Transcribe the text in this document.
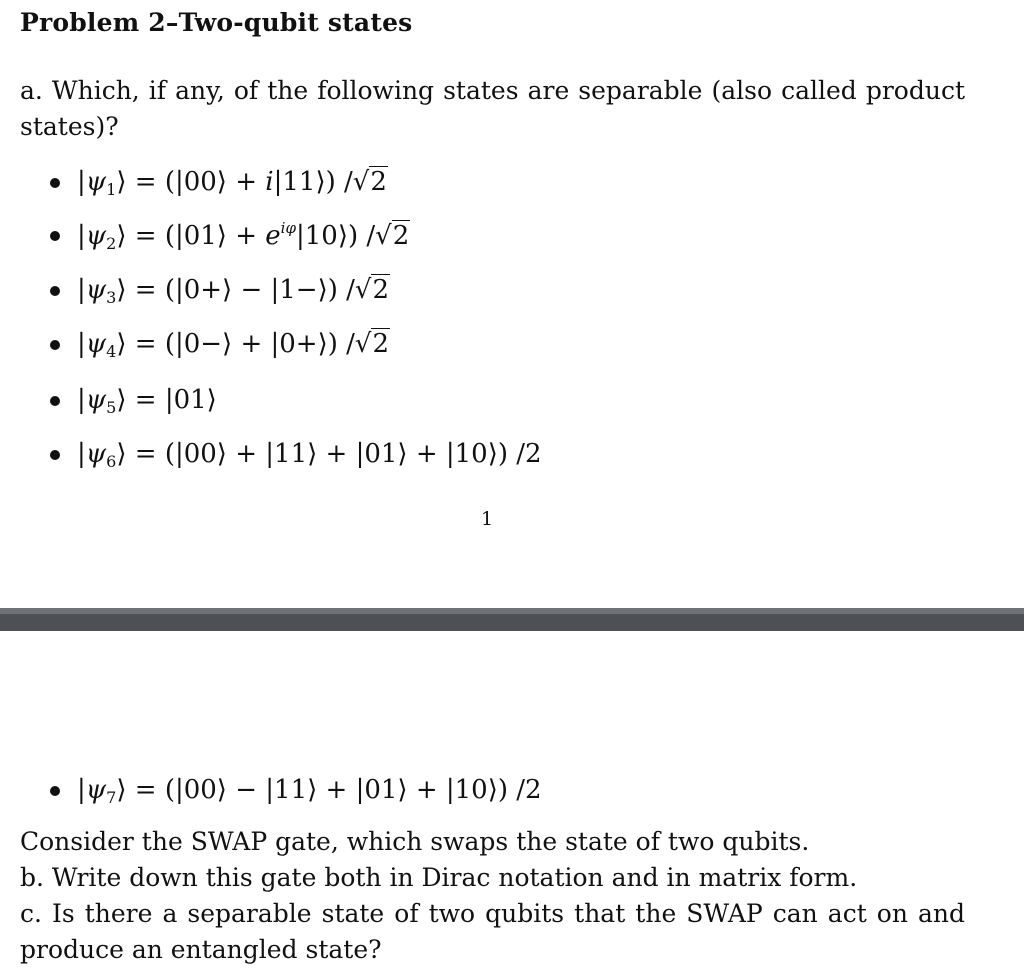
Problem 2–Two-qubit states
a. Which, if any, of the following states are separable (also called product states)?
$|\psi_1⟩$ = (|00⟩ + i|11⟩) /√2
$|\psi_2⟩$ = (|01⟩ + $e^{i\varphi}|10⟩$) /√2
$|\psi_3⟩$ = (|0+⟩ − |1−⟩) /√2
$|\psi_4⟩$ = (|0−⟩ + |0+⟩) /√2
$|\psi_5⟩$ = |01⟩
$|\psi_6⟩$ = (|00⟩ + |11⟩ + |01⟩ + |10⟩) /2
1
$|\psi_7⟩$ = (|00⟩ − |11⟩ + |01⟩ + |10⟩) /2
Consider the SWAP gate, which swaps the state of two qubits.
b. Write down this gate both in Dirac notation and in matrix form.
c. Is there a separable state of two qubits that the SWAP can act on and produce an entangled state?
